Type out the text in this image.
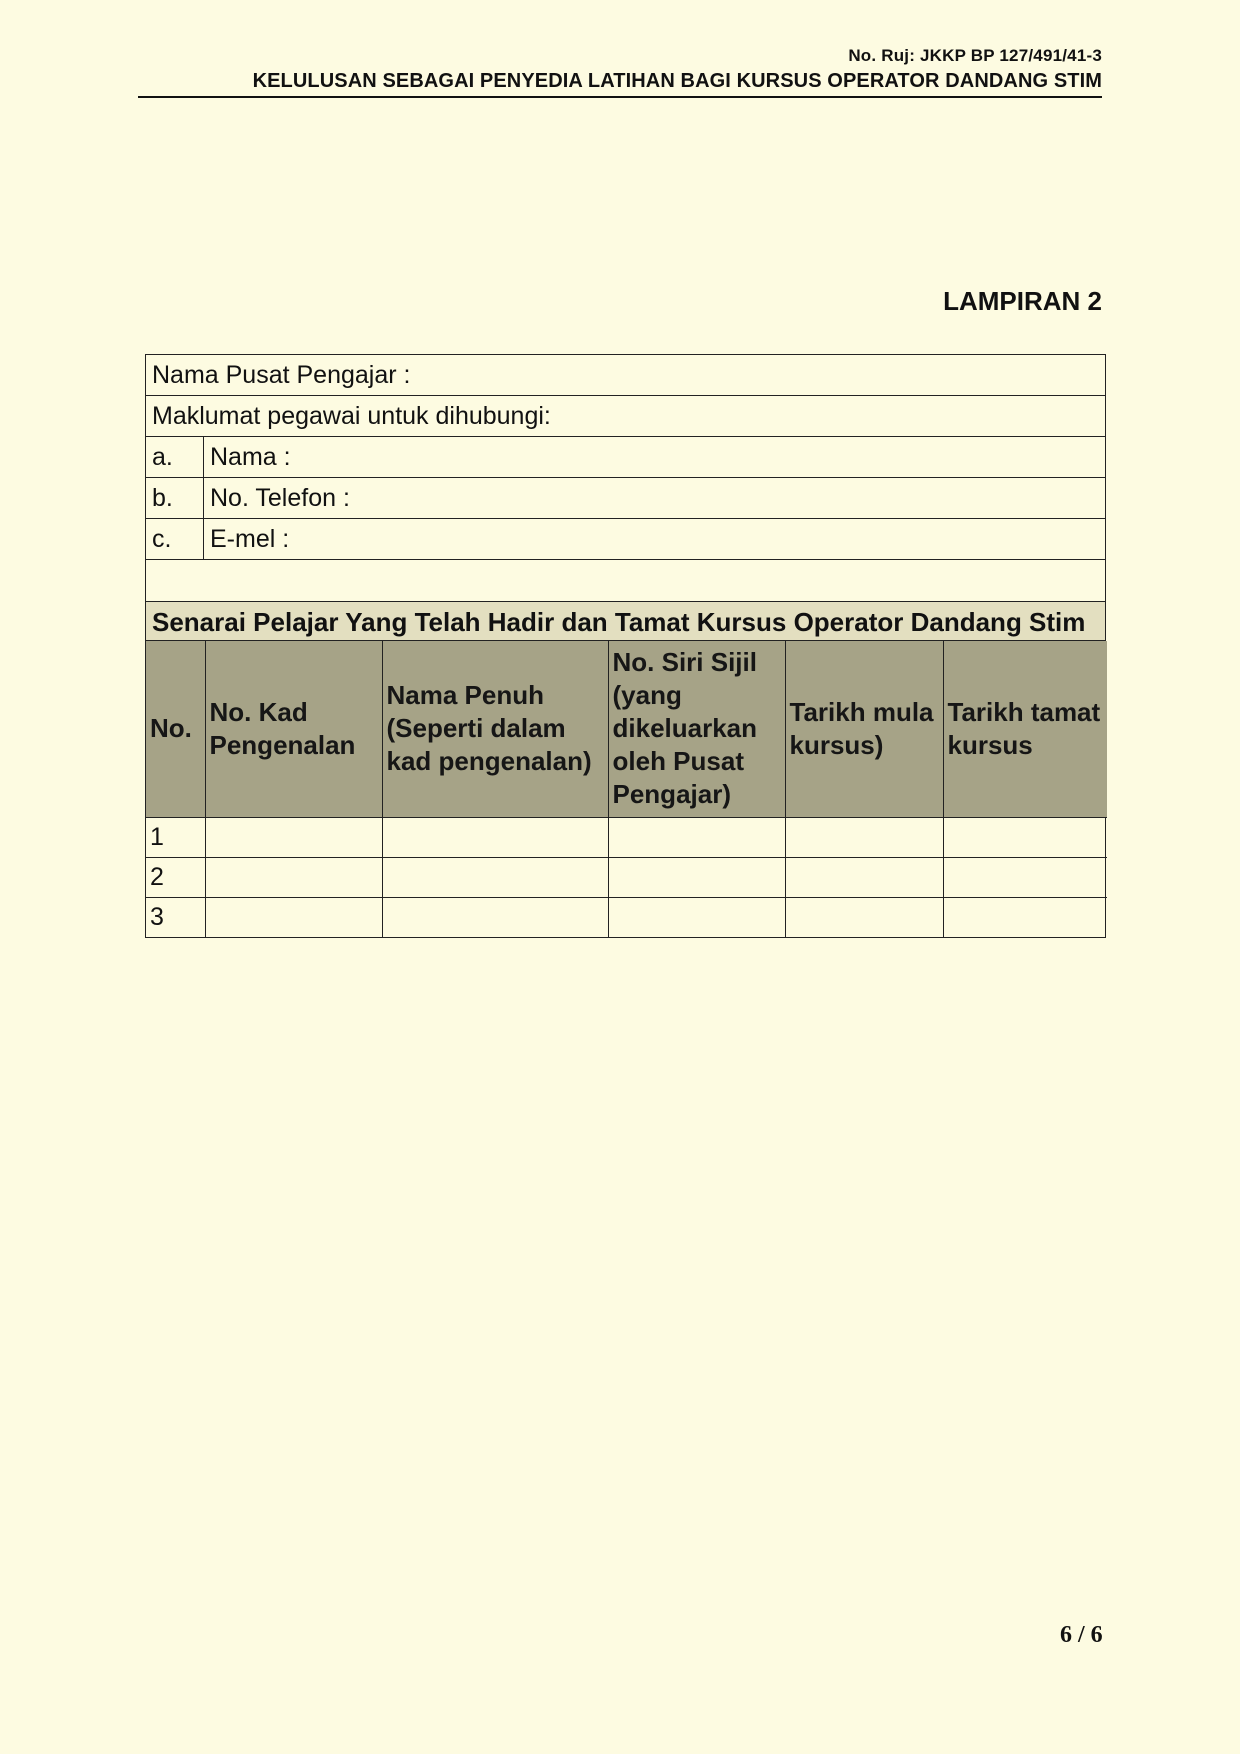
No. Ruj: JKKP BP 127/491/41-3
KELULUSAN SEBAGAI PENYEDIA LATIHAN BAGI KURSUS OPERATOR DANDANG STIM
LAMPIRAN 2
Nama Pusat Pengajar :
Maklumat pegawai untuk dihubungi:
a.	Nama :
b.	No. Telefon :
c.	E-mel :
Senarai Pelajar Yang Telah Hadir dan Tamat Kursus Operator Dandang Stim
No.	No. Kad Pengenalan	Nama Penuh (Seperti dalam kad pengenalan)	No. Siri Sijil (yang dikeluarkan oleh Pusat Pengajar)	Tarikh mula kursus)	Tarikh tamat kursus
1					
2					
3					
6 / 6
